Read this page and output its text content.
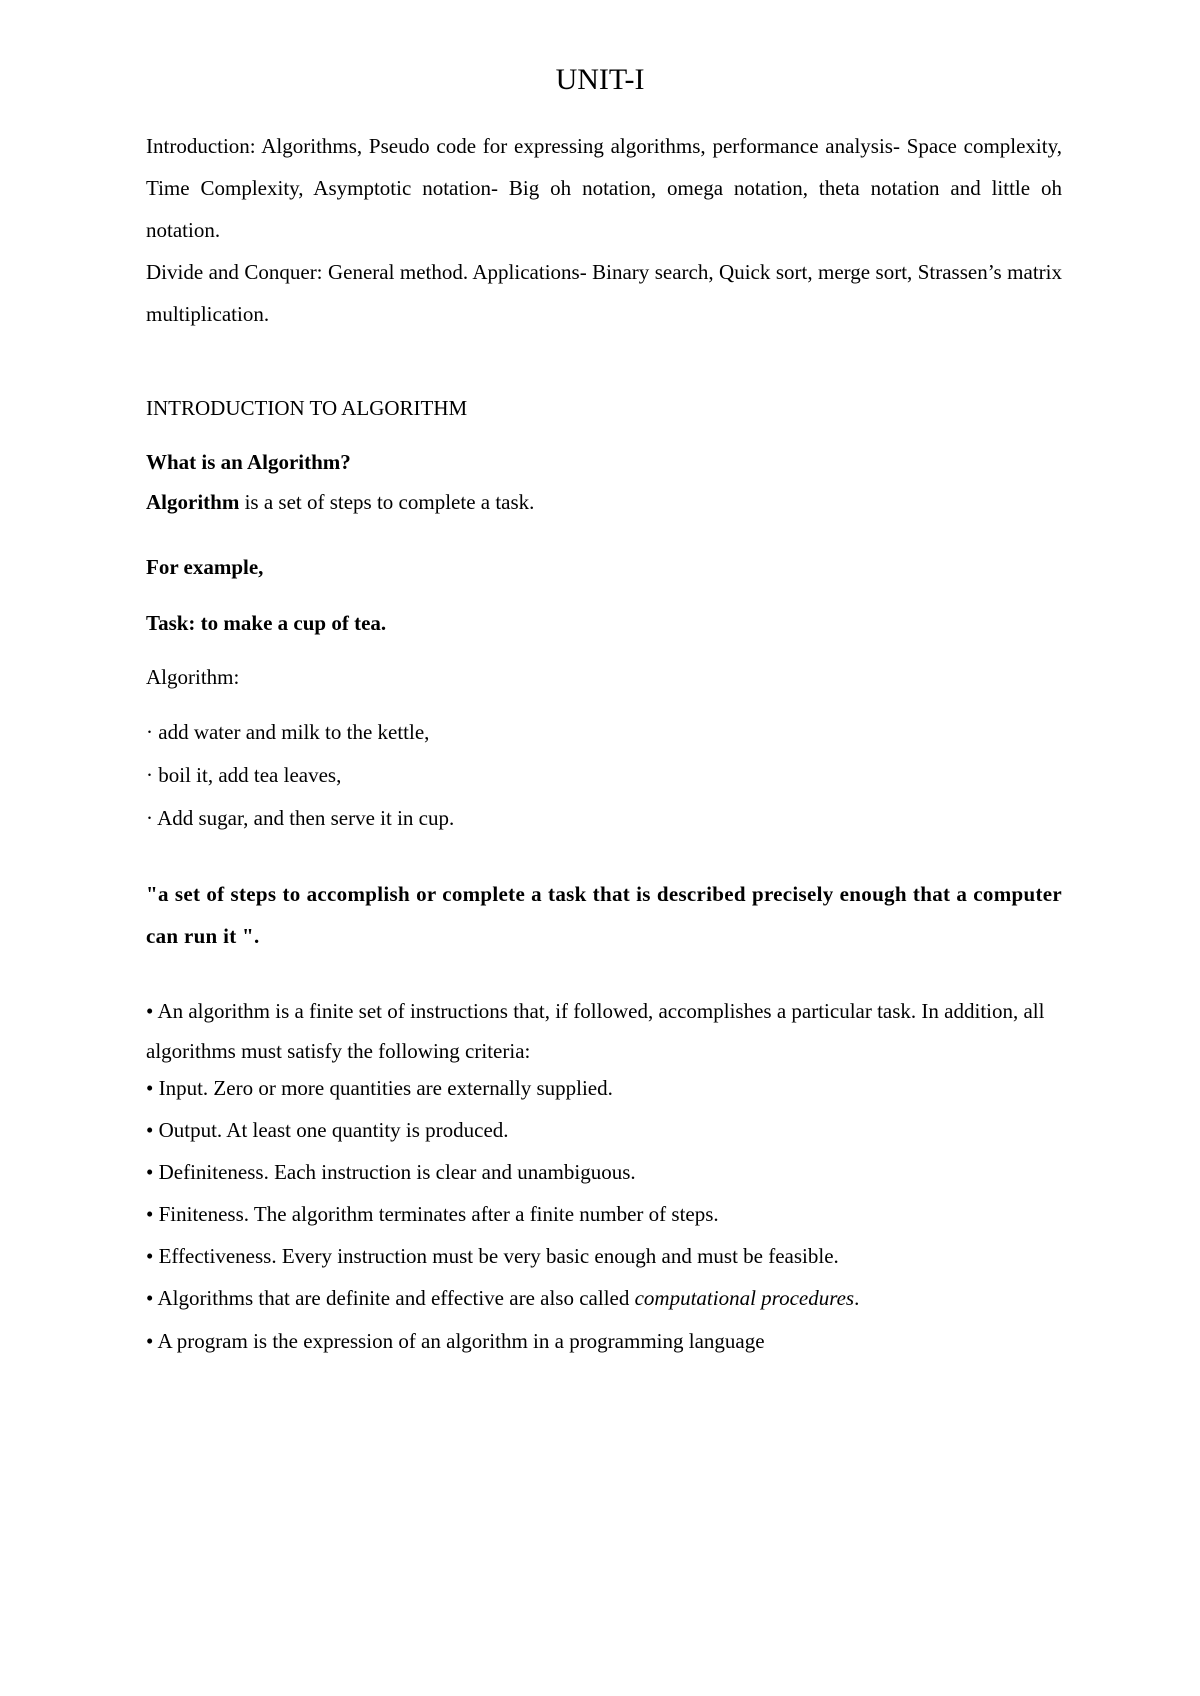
UNIT-I

Introduction: Algorithms, Pseudo code for expressing algorithms, performance analysis- Space complexity, Time Complexity, Asymptotic notation- Big oh notation, omega notation, theta notation and little oh notation.

Divide and Conquer: General method. Applications- Binary search, Quick sort, merge sort, Strassen’s matrix multiplication.

INTRODUCTION TO ALGORITHM

What is an Algorithm?

Algorithm is a set of steps to complete a task.

For example,

Task: to make a cup of tea.

Algorithm:

· add water and milk to the kettle,

· boil it, add tea leaves,

· Add sugar, and then serve it in cup.

"a set of steps to accomplish or complete a task that is described precisely enough that a computer can run it ".

• An algorithm is a finite set of instructions that, if followed, accomplishes a particular task. In addition, all algorithms must satisfy the following criteria:

• Input. Zero or more quantities are externally supplied.

• Output. At least one quantity is produced.

• Definiteness. Each instruction is clear and unambiguous.

• Finiteness. The algorithm terminates after a finite number of steps.

• Effectiveness. Every instruction must be very basic enough and must be feasible.

• Algorithms that are definite and effective are also called computational procedures.

• A program is the expression of an algorithm in a programming language
